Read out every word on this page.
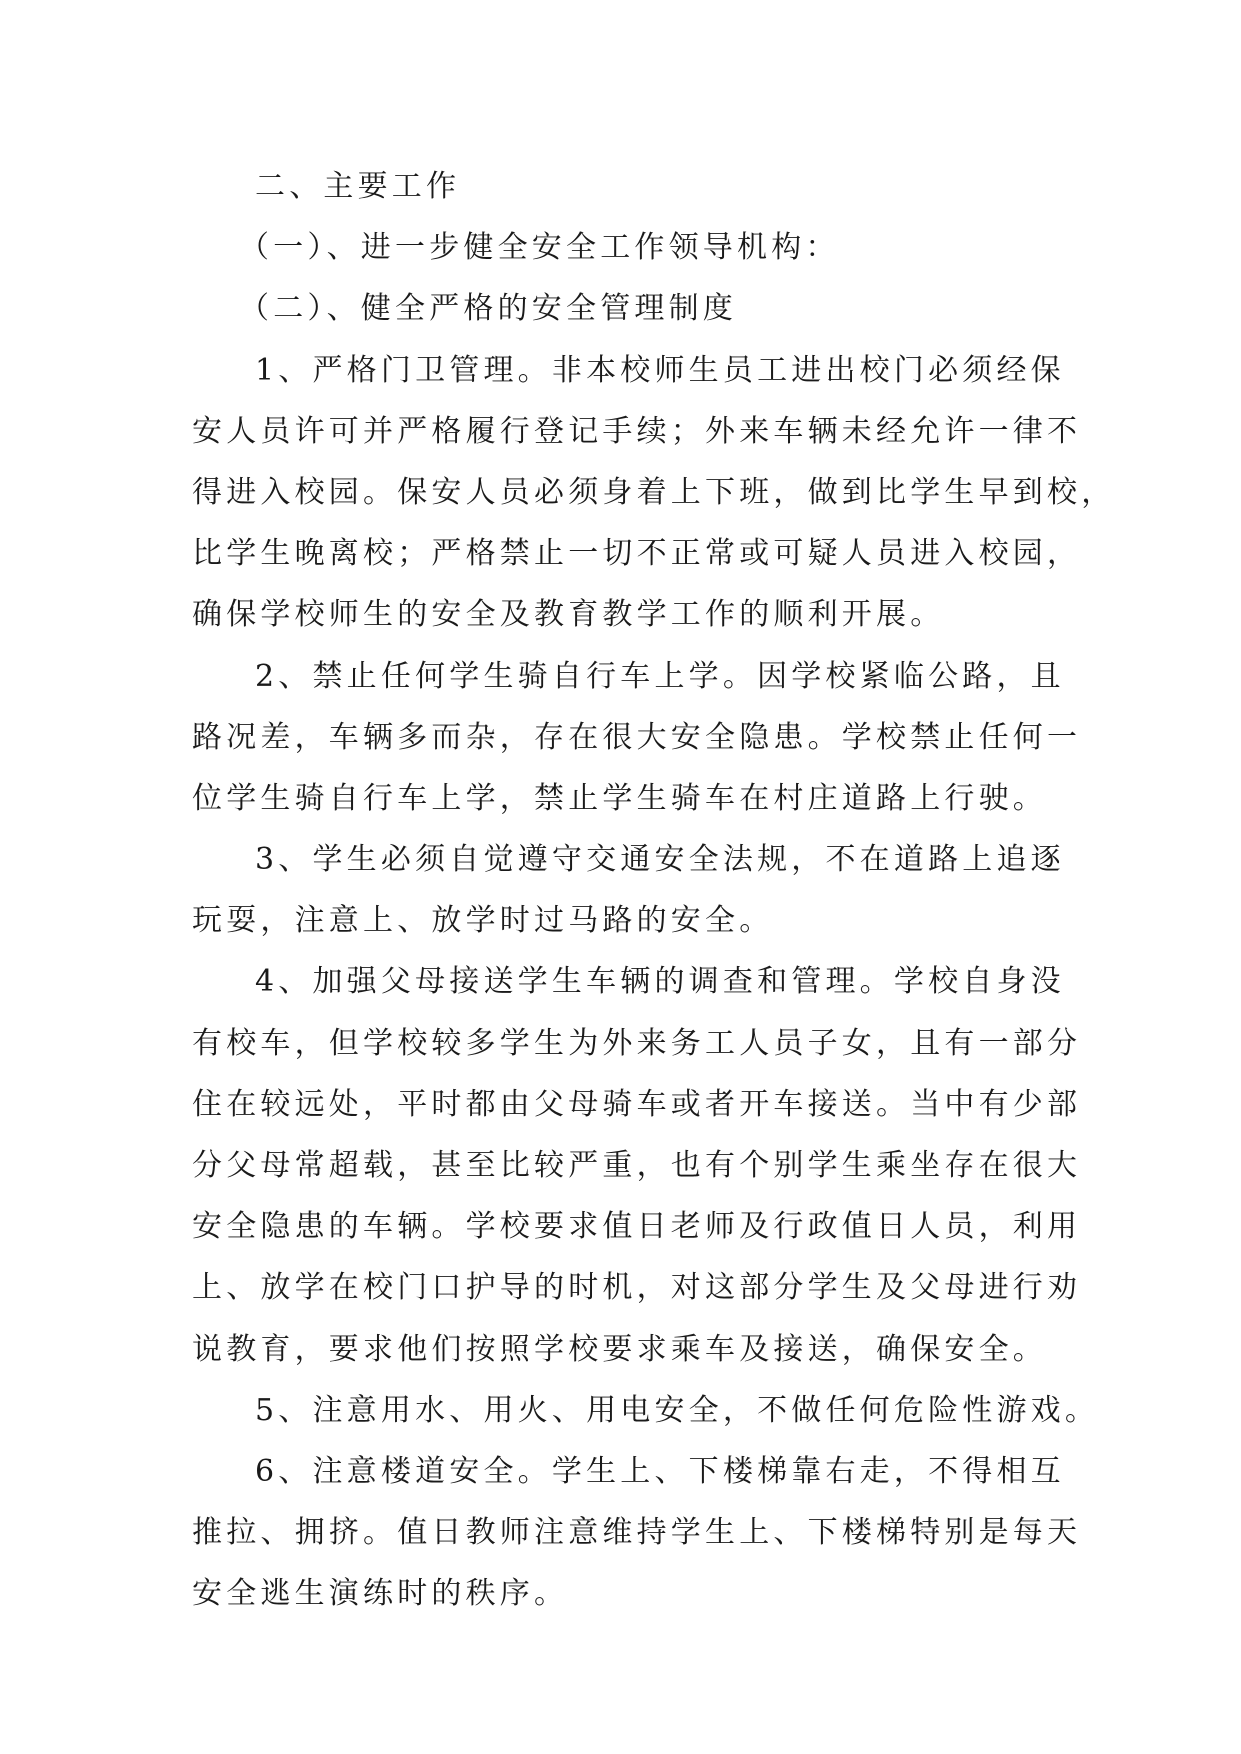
二、主要工作
（一）、进一步健全安全工作领导机构：
（二）、健全严格的安全管理制度
1、严格门卫管理。非本校师生员工进出校门必须经保
安人员许可并严格履行登记手续；外来车辆未经允许一律不
得进入校园。保安人员必须身着上下班，做到比学生早到校，
比学生晚离校；严格禁止一切不正常或可疑人员进入校园，
确保学校师生的安全及教育教学工作的顺利开展。
2、禁止任何学生骑自行车上学。因学校紧临公路，且
路况差，车辆多而杂，存在很大安全隐患。学校禁止任何一
位学生骑自行车上学，禁止学生骑车在村庄道路上行驶。
3、学生必须自觉遵守交通安全法规，不在道路上追逐
玩耍，注意上、放学时过马路的安全。
4、加强父母接送学生车辆的调查和管理。学校自身没
有校车，但学校较多学生为外来务工人员子女，且有一部分
住在较远处，平时都由父母骑车或者开车接送。当中有少部
分父母常超载，甚至比较严重，也有个别学生乘坐存在很大
安全隐患的车辆。学校要求值日老师及行政值日人员，利用
上、放学在校门口护导的时机，对这部分学生及父母进行劝
说教育，要求他们按照学校要求乘车及接送，确保安全。
5、注意用水、用火、用电安全，不做任何危险性游戏。
6、注意楼道安全。学生上、下楼梯靠右走，不得相互
推拉、拥挤。值日教师注意维持学生上、下楼梯特别是每天
安全逃生演练时的秩序。
